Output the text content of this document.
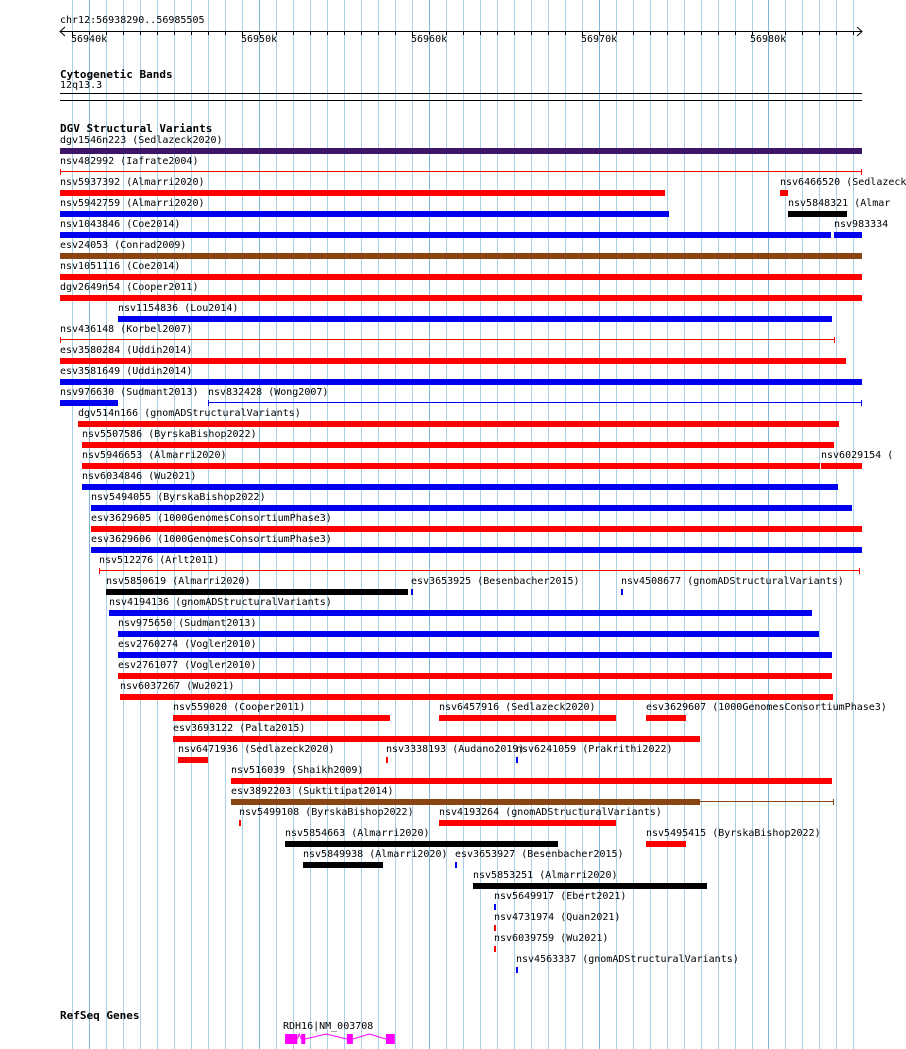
chr12:56938290..56985505
56940k	56950k	56960k	56970k	56980k
Cytogenetic Bands
12q13.3
DGV Structural Variants
dgv1546n223 (Sedlazeck2020)
nsv482992 (Iafrate2004)
nsv5937392 (Almarri2020)	nsv6466520 (Sedlazeck
nsv5942759 (Almarri2020)	nsv5848321 (Almar
nsv1043846 (Coe2014)	nsv983334
esv24053 (Conrad2009)
nsv1051116 (Coe2014)
dgv2649n54 (Cooper2011)
nsv1154836 (Lou2014)
nsv436148 (Korbel2007)
esv3580284 (Uddin2014)
esv3581649 (Uddin2014)
nsv976630 (Sudmant2013) nsv832428 (Wong2007)
dgv514n166 (gnomADStructuralVariants)
nsv5507586 (ByrskaBishop2022)
nsv5946653 (Almarri2020)	nsv6029154 (
nsv6034846 (Wu2021)
nsv5494055 (ByrskaBishop2022)
esv3629605 (1000GenomesConsortiumPhase3)
esv3629606 (1000GenomesConsortiumPhase3)
nsv512276 (Arlt2011)
nsv5850619 (Almarri2020)	esv3653925 (Besenbacher2015)	nsv4508677 (gnomADStructuralVariants)
nsv4194136 (gnomADStructuralVariants)
nsv975650 (Sudmant2013)
esv2760274 (Vogler2010)
esv2761077 (Vogler2010)
nsv6037267 (Wu2021)
nsv559020 (Cooper2011)	nsv6457916 (Sedlazeck2020)	esv3629607 (1000GenomesConsortiumPhase3)
esv3693122 (Palta2015)
nsv6471936 (Sedlazeck2020)	nsv3338193 (Audano2019)
nsv6241059 (Prakrithi2022)
nsv516039 (Shaikh2009)
esv3892203 (Suktitipat2014)
nsv5499108 (ByrskaBishop2022)	nsv4193264 (gnomADStructuralVariants)
nsv5854663 (Almarri2020)	nsv5495415 (ByrskaBishop2022)
nsv5849938 (Almarri2020) esv3653927 (Besenbacher2015)
nsv5853251 (Almarri2020)
nsv5649917 (Ebert2021)
nsv4731974 (Quan2021)
nsv6039759 (Wu2021)
nsv4563337 (gnomADStructuralVariants)
RefSeq Genes
RDH16|NM_003708
